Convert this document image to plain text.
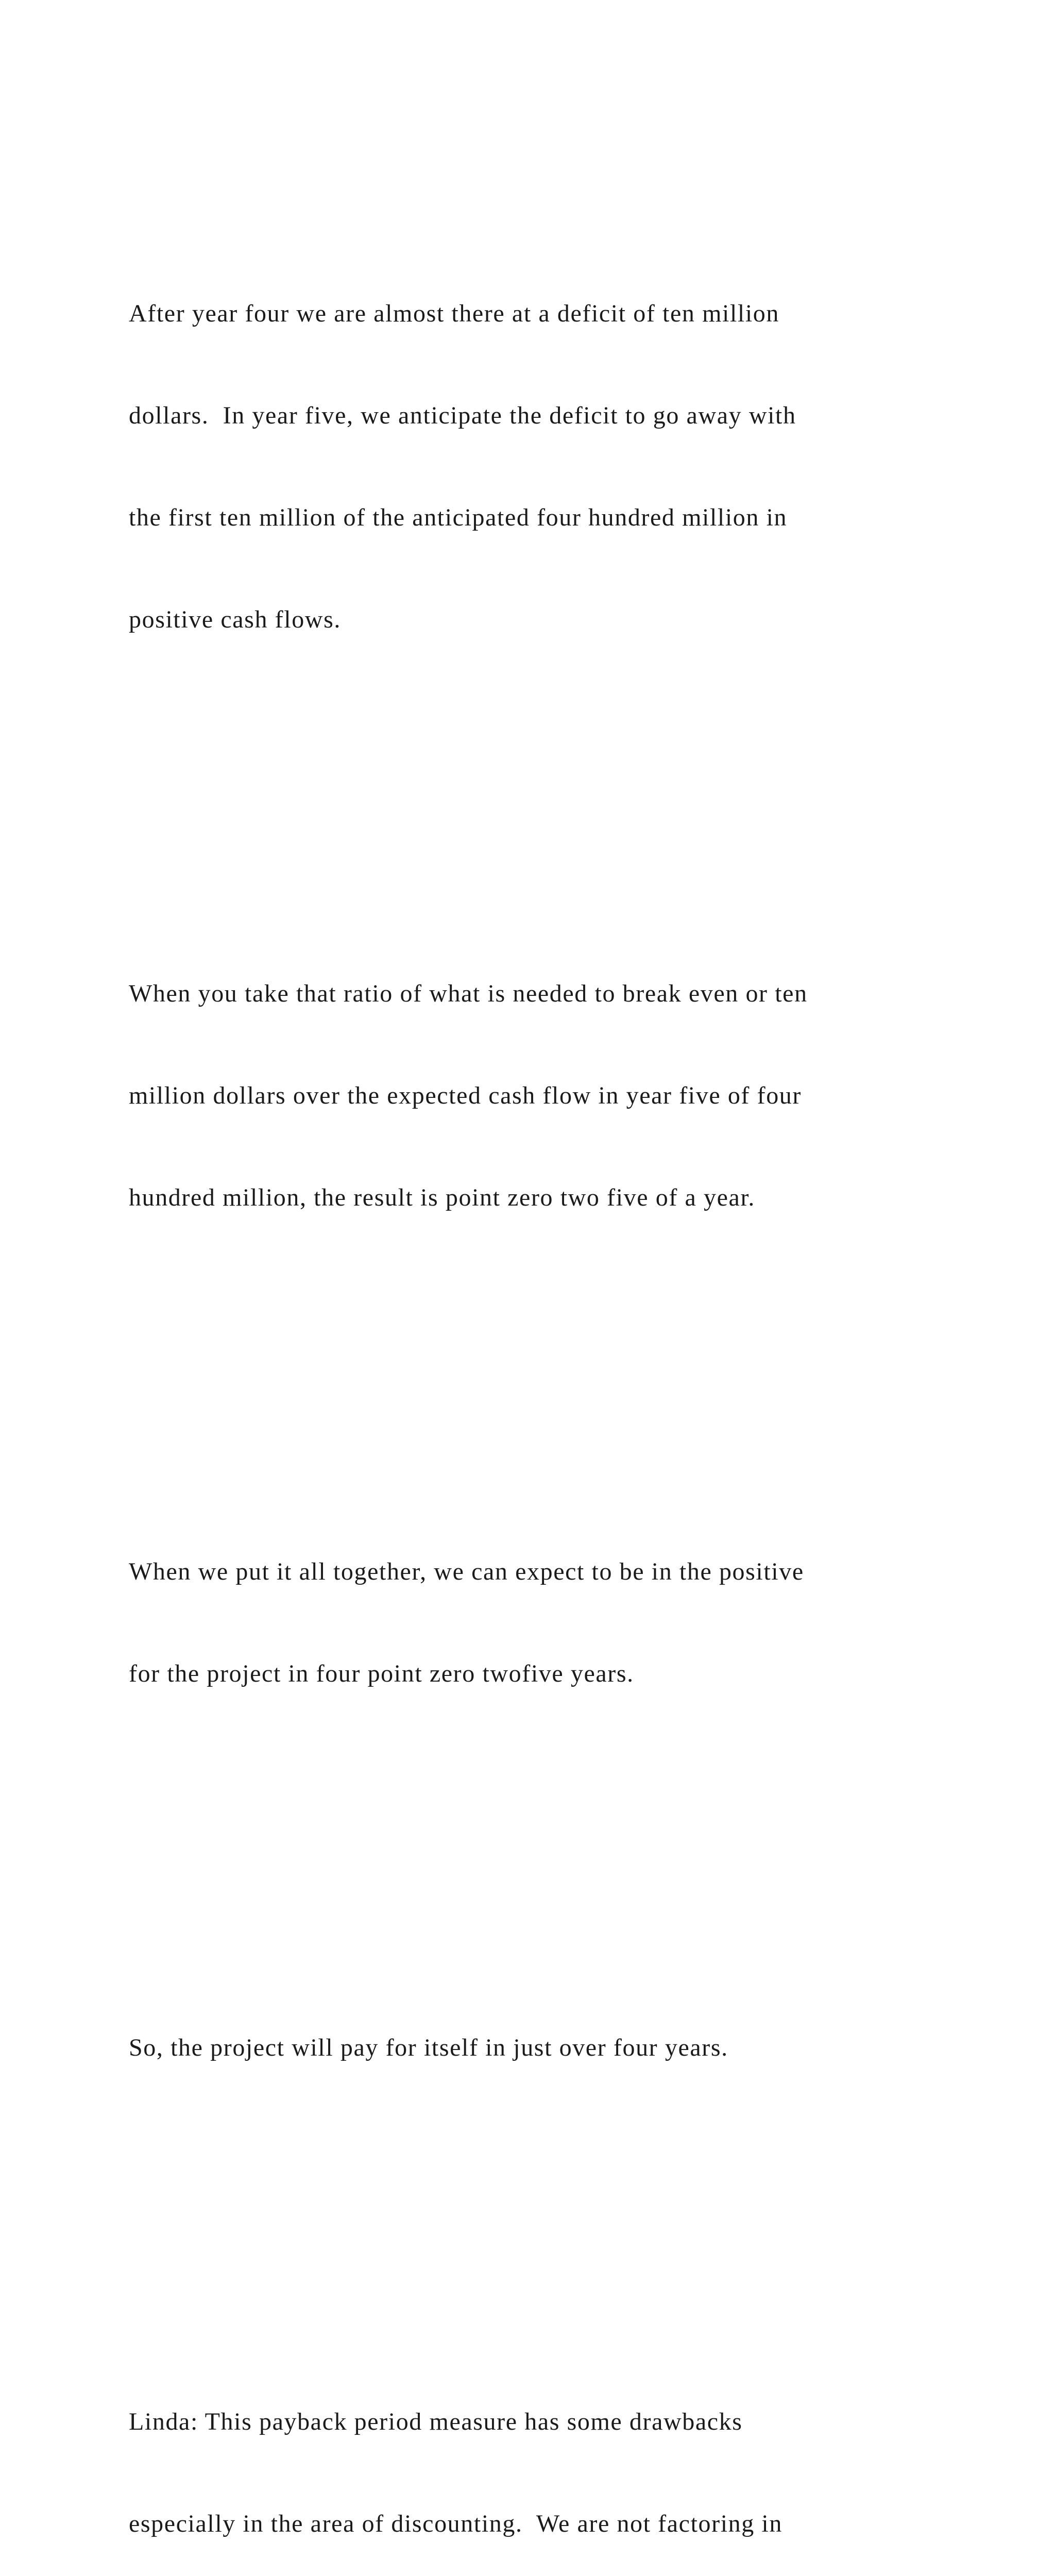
After year four we are almost there at a deficit of ten million

dollars.  In year five, we anticipate the deficit to go away with

the first ten million of the anticipated four hundred million in

positive cash flows.

When you take that ratio of what is needed to break even or ten

million dollars over the expected cash flow in year five of four

hundred million, the result is point zero two five of a year.

When we put it all together, we can expect to be in the positive

for the project in four point zero twofive years.

So, the project will pay for itself in just over four years.

Linda: This payback period measure has some drawbacks

especially in the area of discounting.  We are not factoring in
